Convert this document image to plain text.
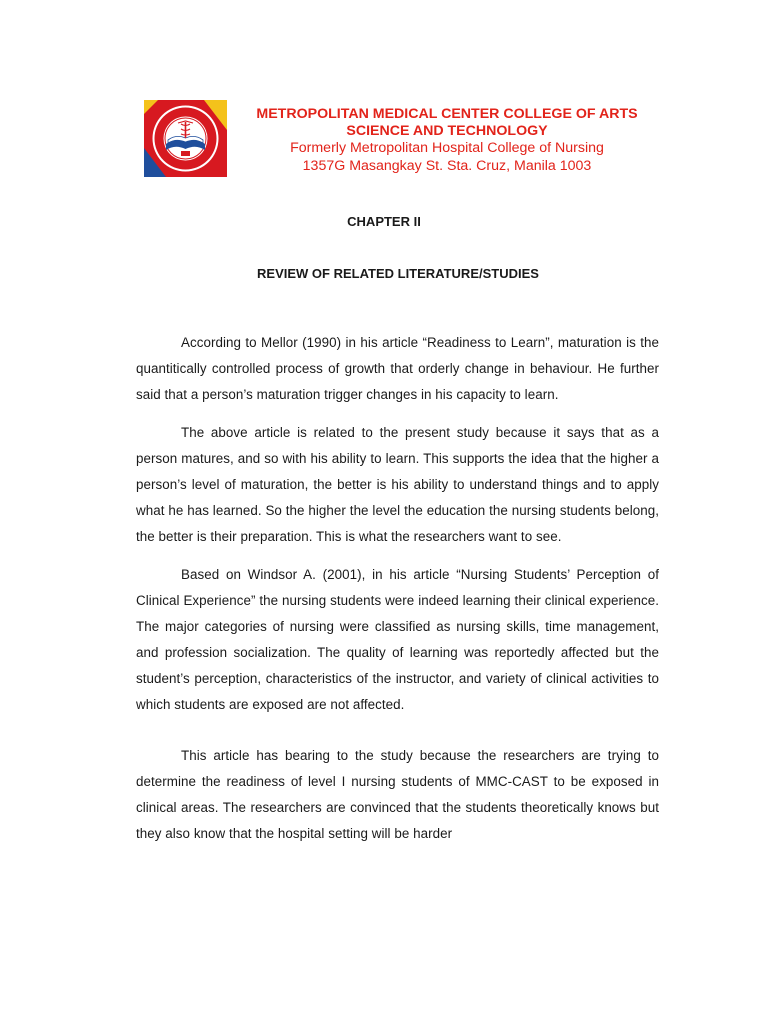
METROPOLITAN MEDICAL CENTER COLLEGE OF ARTS

SCIENCE AND TECHNOLOGY

Formerly Metropolitan Hospital College of Nursing

1357G Masangkay St. Sta. Cruz, Manila 1003

CHAPTER II

REVIEW OF RELATED LITERATURE/STUDIES

According to Mellor (1990) in his article “Readiness to Learn”, maturation is the quantitically controlled process of growth that orderly change in behaviour. He further said that a person’s maturation trigger changes in his capacity to learn.

The above article is related to the present study because it says that as a person matures, and so with his ability to learn. This supports the idea that the higher a person’s level of maturation, the better is his ability to understand things and to apply what he has learned. So the higher the level the education the nursing students belong, the better is their preparation. This is what the researchers want to see.

Based on Windsor A. (2001), in his article “Nursing Students’ Perception of Clinical Experience” the nursing students were indeed learning their clinical experience. The major categories of nursing were classified as nursing skills, time management, and profession socialization. The quality of learning was reportedly affected but the student’s perception, characteristics of the instructor, and variety of clinical activities to which students are exposed are not affected.

This article has bearing to the study because the researchers are trying to determine the readiness of level I nursing students of MMC-CAST to be exposed in clinical areas. The researchers are convinced that the students theoretically knows but they also know that the hospital setting will be harder
